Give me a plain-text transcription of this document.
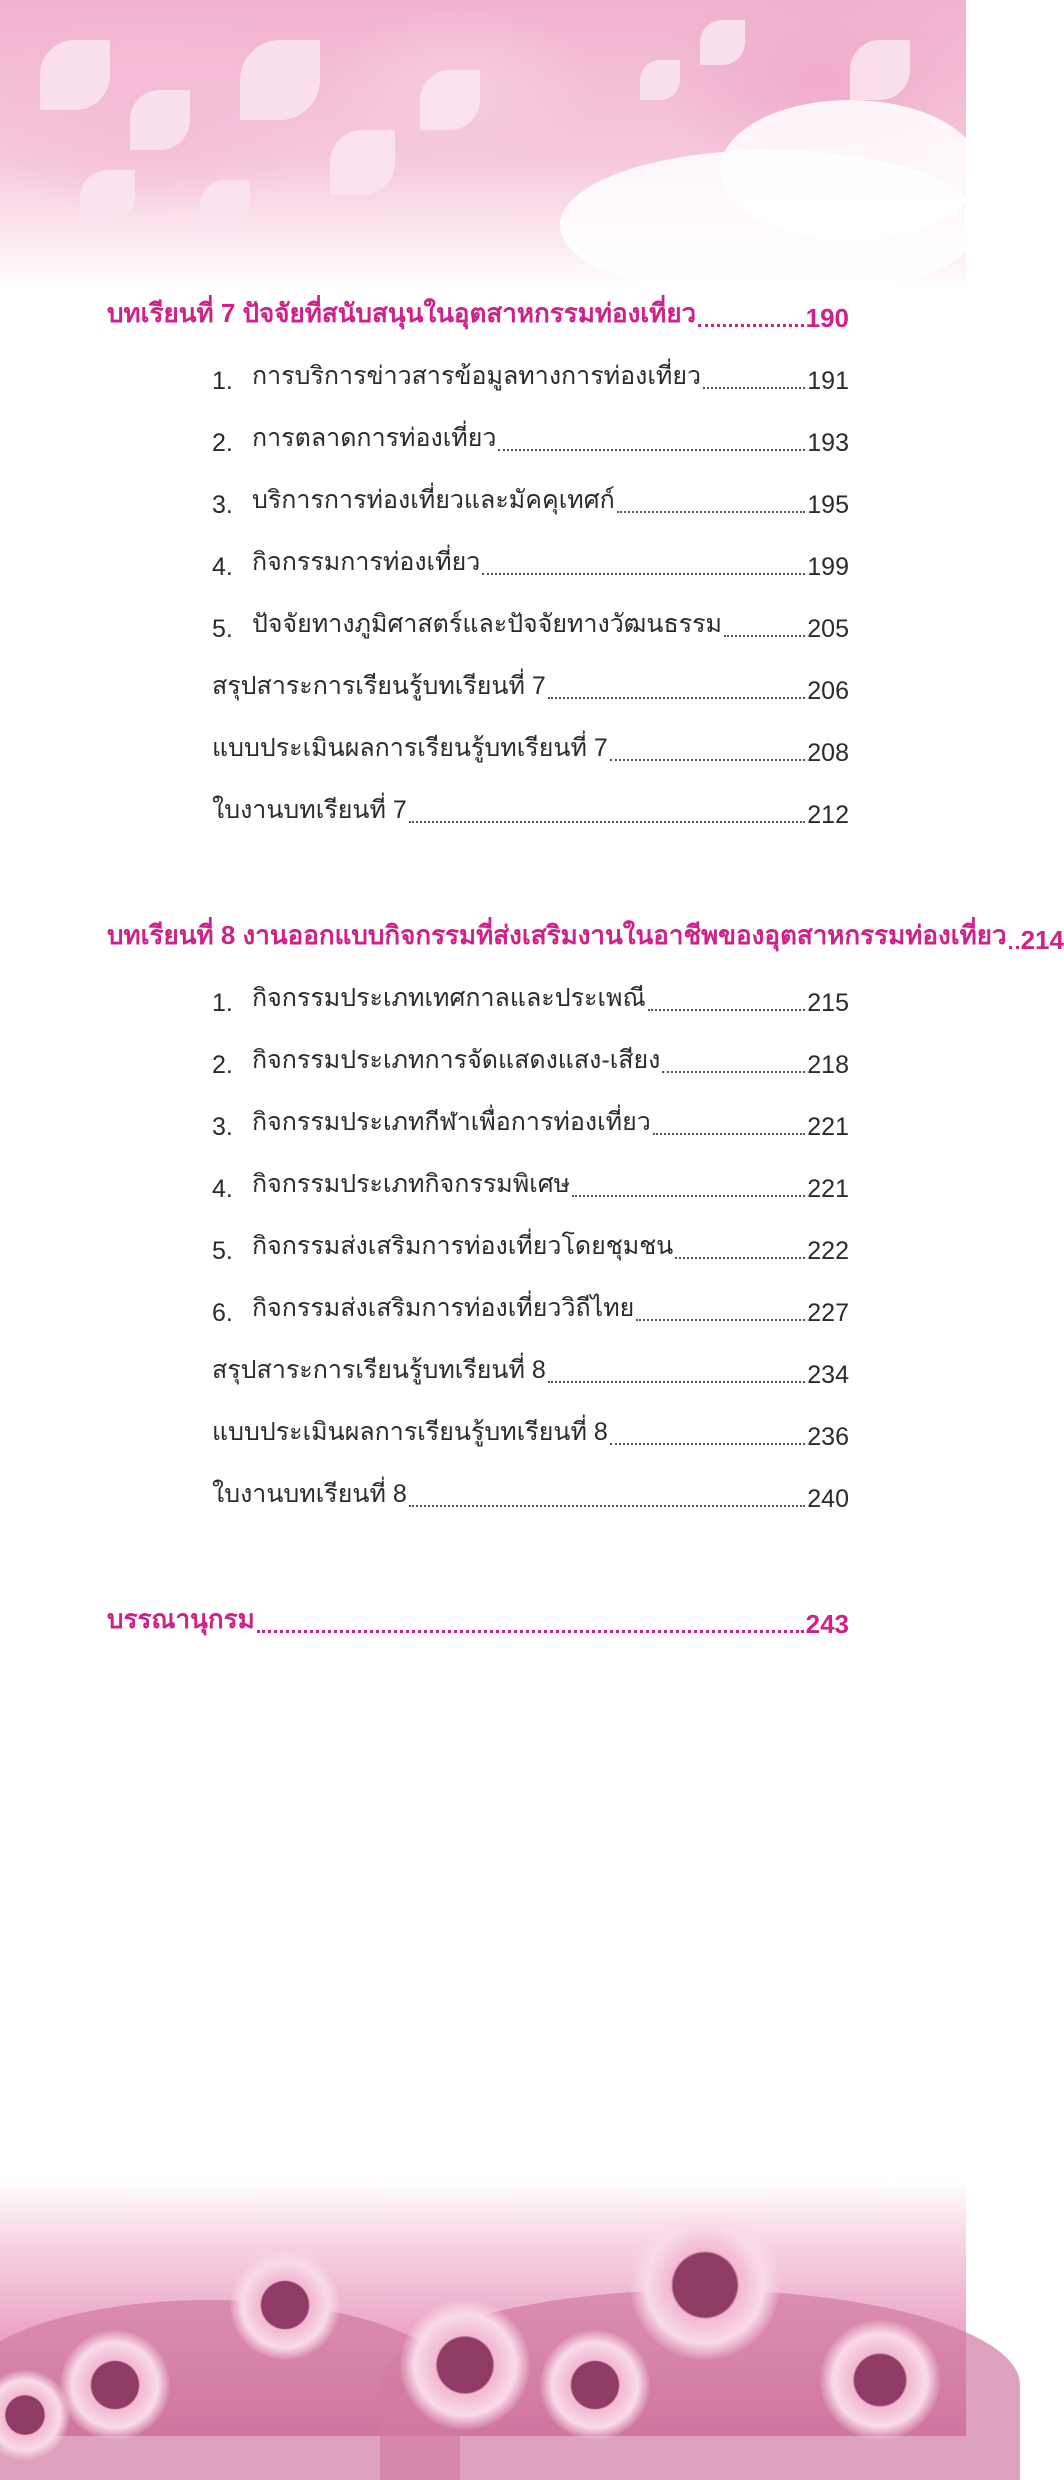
บทเรียนที่ 7 ปัจจัยที่สนับสนุนในอุตสาหกรรมท่องเที่ยว	190
1. การบริการข่าวสารข้อมูลทางการท่องเที่ยว	191
2. การตลาดการท่องเที่ยว	193
3. บริการการท่องเที่ยวและมัคคุเทศก์	195
4. กิจกรรมการท่องเที่ยว	199
5. ปัจจัยทางภูมิศาสตร์และปัจจัยทางวัฒนธรรม	205
สรุปสาระการเรียนรู้บทเรียนที่ 7	206
แบบประเมินผลการเรียนรู้บทเรียนที่ 7	208
ใบงานบทเรียนที่ 7	212
บทเรียนที่ 8 งานออกแบบกิจกรรมที่ส่งเสริมงานในอาชีพของอุตสาหกรรมท่องเที่ยว 214
1. กิจกรรมประเภทเทศกาลและประเพณี	215
2. กิจกรรมประเภทการจัดแสดงแสง-เสียง	218
3. กิจกรรมประเภทกีฬาเพื่อการท่องเที่ยว	221
4. กิจกรรมประเภทกิจกรรมพิเศษ	221
5. กิจกรรมส่งเสริมการท่องเที่ยวโดยชุมชน	222
6. กิจกรรมส่งเสริมการท่องเที่ยววิถีไทย	227
สรุปสาระการเรียนรู้บทเรียนที่ 8	234
แบบประเมินผลการเรียนรู้บทเรียนที่ 8	236
ใบงานบทเรียนที่ 8	240
บรรณานุกรม	243
